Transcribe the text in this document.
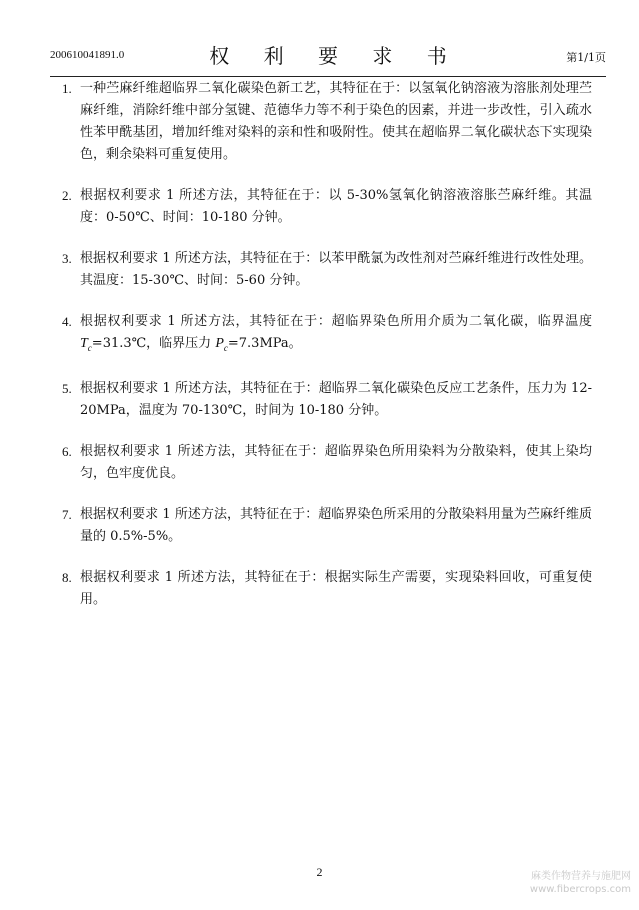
200610041891.0	权 利 要 求 书	第1/1页
1. 一种苎麻纤维超临界二氧化碳染色新工艺，其特征在于：以氢氧化钠溶液为溶胀剂处理苎麻纤维，消除纤维中部分氢键、范德华力等不利于染色的因素，并进一步改性，引入疏水性苯甲酰基团，增加纤维对染料的亲和性和吸附性。使其在超临界二氧化碳状态下实现染色，剩余染料可重复使用。
2. 根据权利要求 1 所述方法，其特征在于：以 5-30%氢氧化钠溶液溶胀苎麻纤维。其温度：0-50℃、时间：10-180 分钟。
3. 根据权利要求 1 所述方法，其特征在于：以苯甲酰氯为改性剂对苎麻纤维进行改性处理。其温度：15-30℃、时间：5-60 分钟。
4. 根据权利要求 1 所述方法，其特征在于：超临界染色所用介质为二氧化碳，临界温度 $T_c=31.3℃$，临界压力 $P_c=7.3MPa$。
5. 根据权利要求 1 所述方法，其特征在于：超临界二氧化碳染色反应工艺条件，压力为 12-20MPa，温度为 70-130℃，时间为 10-180 分钟。
6. 根据权利要求 1 所述方法，其特征在于：超临界染色所用染料为分散染料，使其上染均匀，色牢度优良。
7. 根据权利要求 1 所述方法，其特征在于：超临界染色所采用的分散染料用量为苎麻纤维质量的 0.5%-5%。
8. 根据权利要求 1 所述方法，其特征在于：根据实际生产需要，实现染料回收，可重复使用。
2	麻类作物营养与施肥网
www.fibercrops.com
